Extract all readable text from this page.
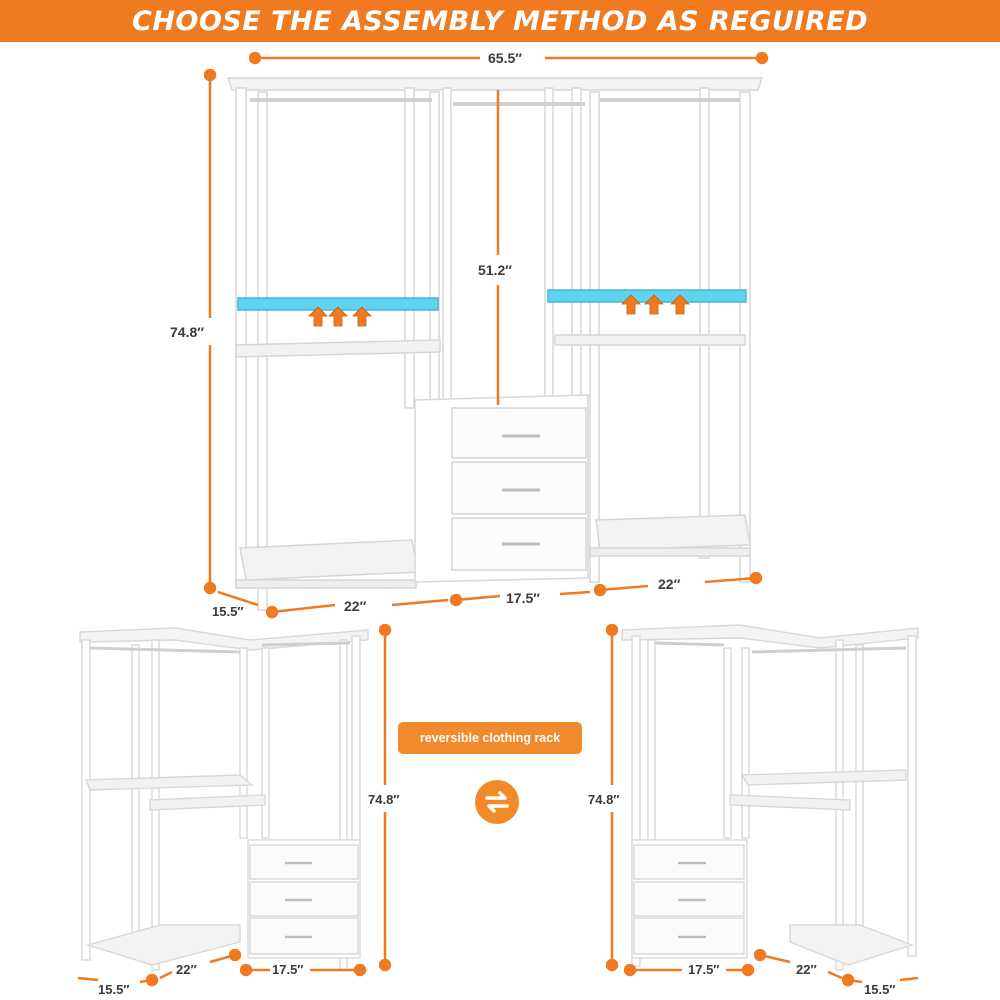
CHOOSE THE ASSEMBLY METHOD AS REGUIRED
65.5″
74.8″
51.2″
15.5″	22″	17.5″
22″
reversible clothing rack
74.8″
15.5″
22″	17.5″
74.8″
17.5″	22″
15.5″
